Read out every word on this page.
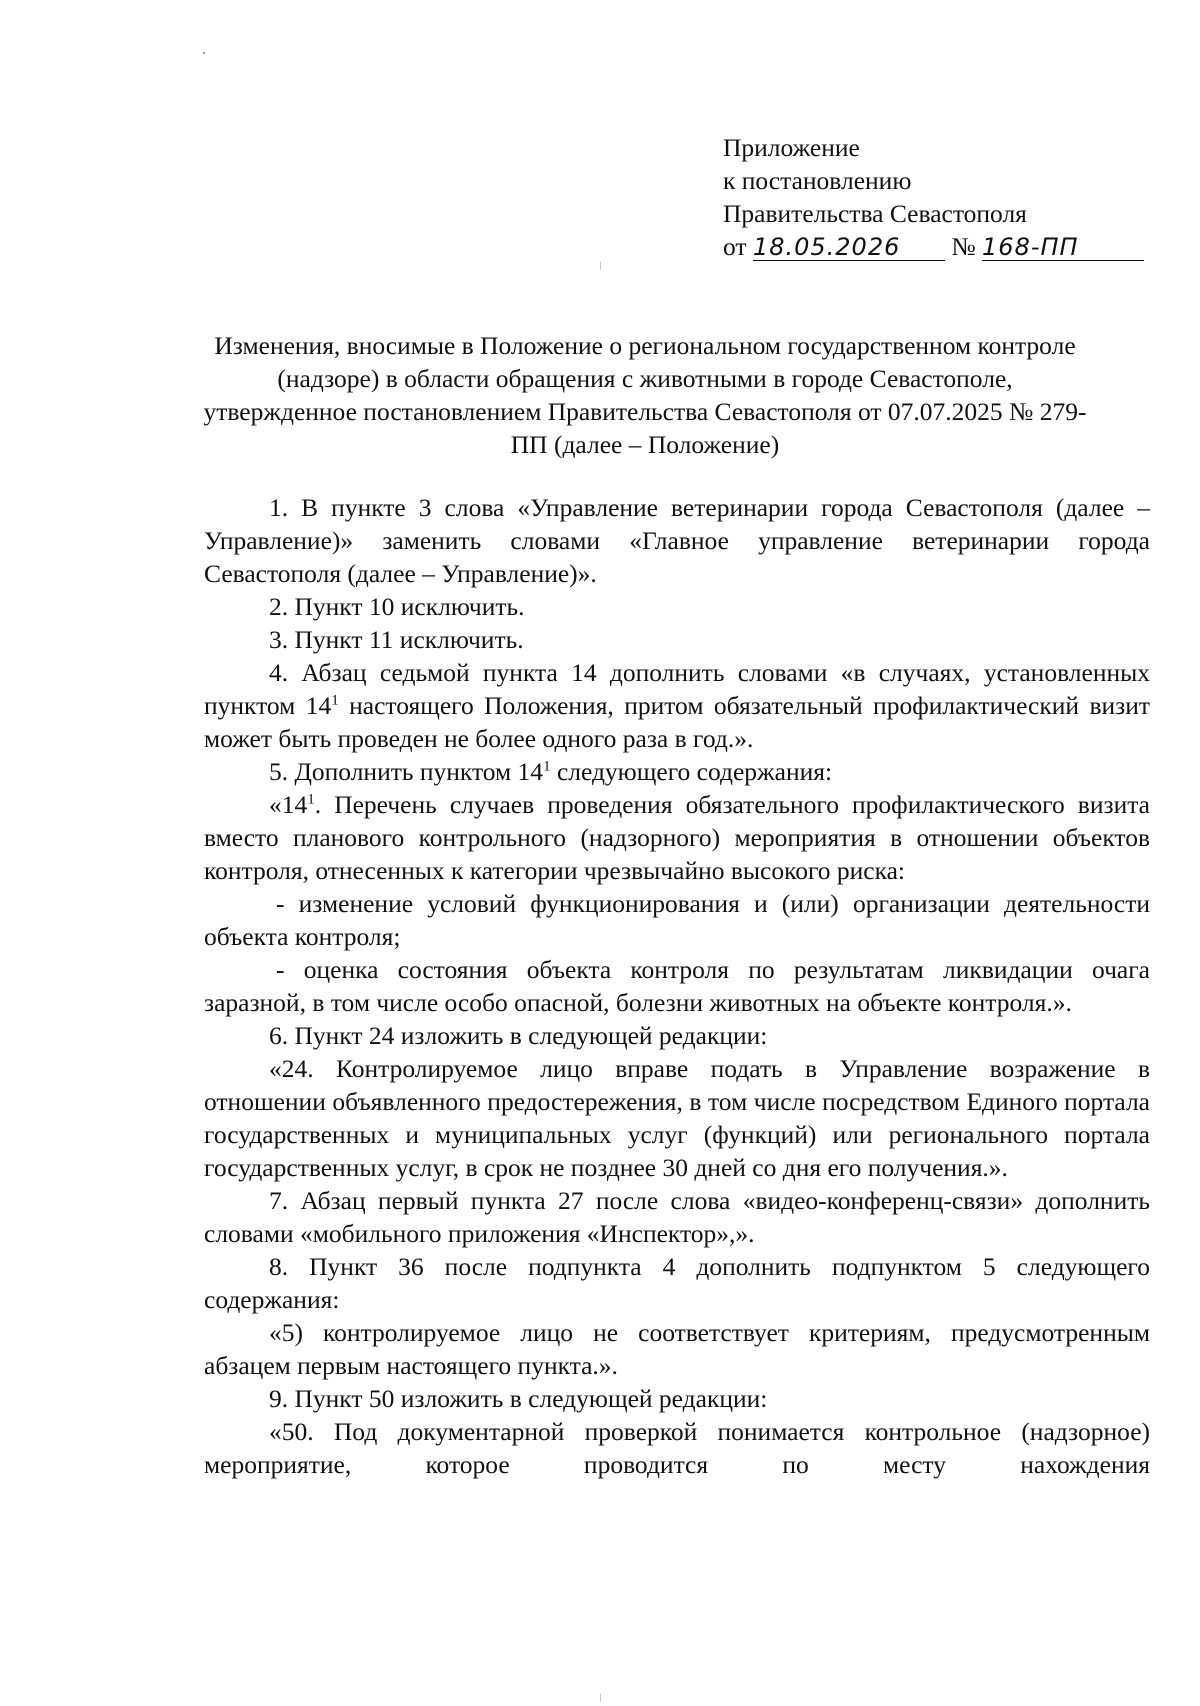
Приложение
к постановлению
Правительства Севастополя
от 18.05.2026 № 168-ПП
Изменения, вносимые в Положение о региональном государственном контроле (надзоре) в области обращения с животными в городе Севастополе, утвержденное постановлением Правительства Севастополя от 07.07.2025 № 279-ПП (далее – Положение)

1. В пункте 3 слова «Управление ветеринарии города Севастополя (далее – Управление)» заменить словами «Главное управление ветеринарии города Севастополя (далее – Управление)».

2. Пункт 10 исключить.

3. Пункт 11 исключить.

4. Абзац седьмой пункта 14 дополнить словами «в случаях, установленных пунктом $14^1$ настоящего Положения, притом обязательный профилактический визит может быть проведен не более одного раза в год.».

5. Дополнить пунктом $14^1$ следующего содержания:

«$14^1$. Перечень случаев проведения обязательного профилактического визита вместо планового контрольного (надзорного) мероприятия в отношении объектов контроля, отнесенных к категории чрезвычайно высокого риска:

- изменение условий функционирования и (или) организации деятельности объекта контроля;

- оценка состояния объекта контроля по результатам ликвидации очага заразной, в том числе особо опасной, болезни животных на объекте контроля.».

6. Пункт 24 изложить в следующей редакции:

«24. Контролируемое лицо вправе подать в Управление возражение в отношении объявленного предостережения, в том числе посредством Единого портала государственных и муниципальных услуг (функций) или регионального портала государственных услуг, в срок не позднее 30 дней со дня его получения.».

7. Абзац первый пункта 27 после слова «видео-конференц-связи» дополнить словами «мобильного приложения «Инспектор»,».

8. Пункт 36 после подпункта 4 дополнить подпунктом 5 следующего содержания:

«5) контролируемое лицо не соответствует критериям, предусмотренным абзацем первым настоящего пункта.».

9. Пункт 50 изложить в следующей редакции:

«50. Под документарной проверкой понимается контрольное (надзорное) мероприятие, которое проводится по месту нахождения
